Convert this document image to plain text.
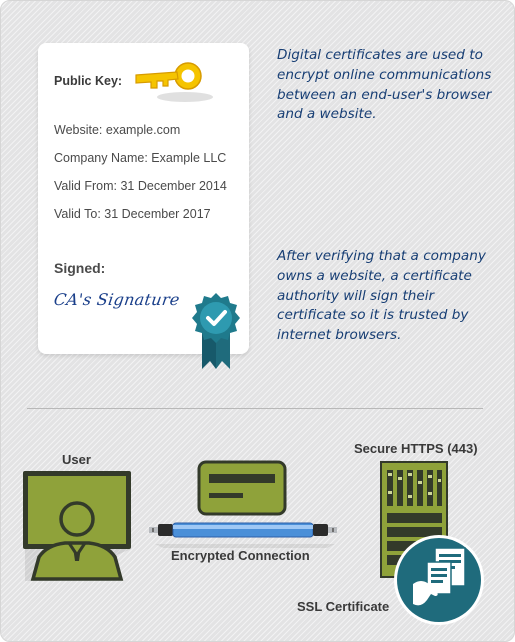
Public Key:
Website: example.com
Company Name: Example LLC
Valid From: 31 December 2014
Valid To: 31 December 2017
Signed:
CA's Signature
Digital certificates are used to encrypt online communications between an end-user's browser and a website.
After verifying that a company owns a website, a certificate authority will sign their certificate so it is trusted by internet browsers.
User
Encrypted Connection
Secure HTTPS (443)
SSL Certificate
